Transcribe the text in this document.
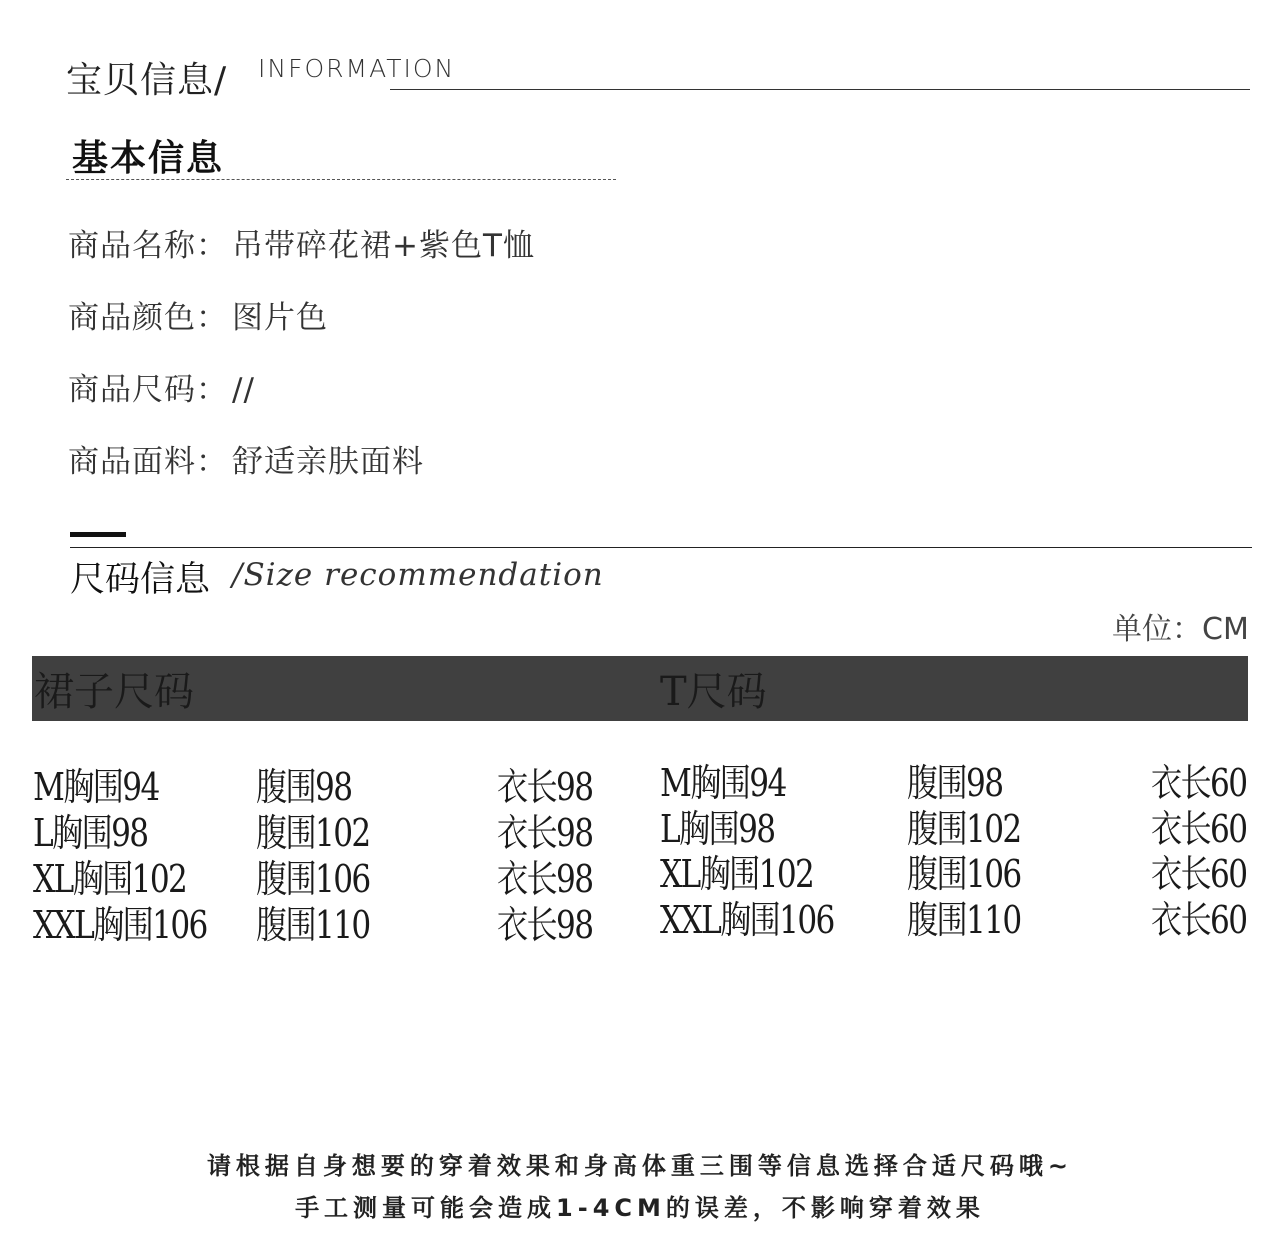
宝贝信息/ INFORMATION
基本信息
商品名称： 吊带碎花裙+紫色T恤
商品颜色： 图片色
商品尺码： //
商品面料： 舒适亲肤面料
尺码信息 /Size recommendation
单位：CM
裙子尺码	T尺码
M胸围94	腹围98	衣长98
L胸围98	腹围102	衣长98
XL胸围102 腹围106	衣长98
XXL胸围106 腹围110	衣长98
M胸围94	腹围98	衣长60
L胸围98	腹围102	衣长60
XL胸围102 腹围106	衣长60
XXL胸围106 腹围110	衣长60
请根据自身想要的穿着效果和身高体重三围等信息选择合适尺码哦~
手工测量可能会造成1-4CM的误差，不影响穿着效果
